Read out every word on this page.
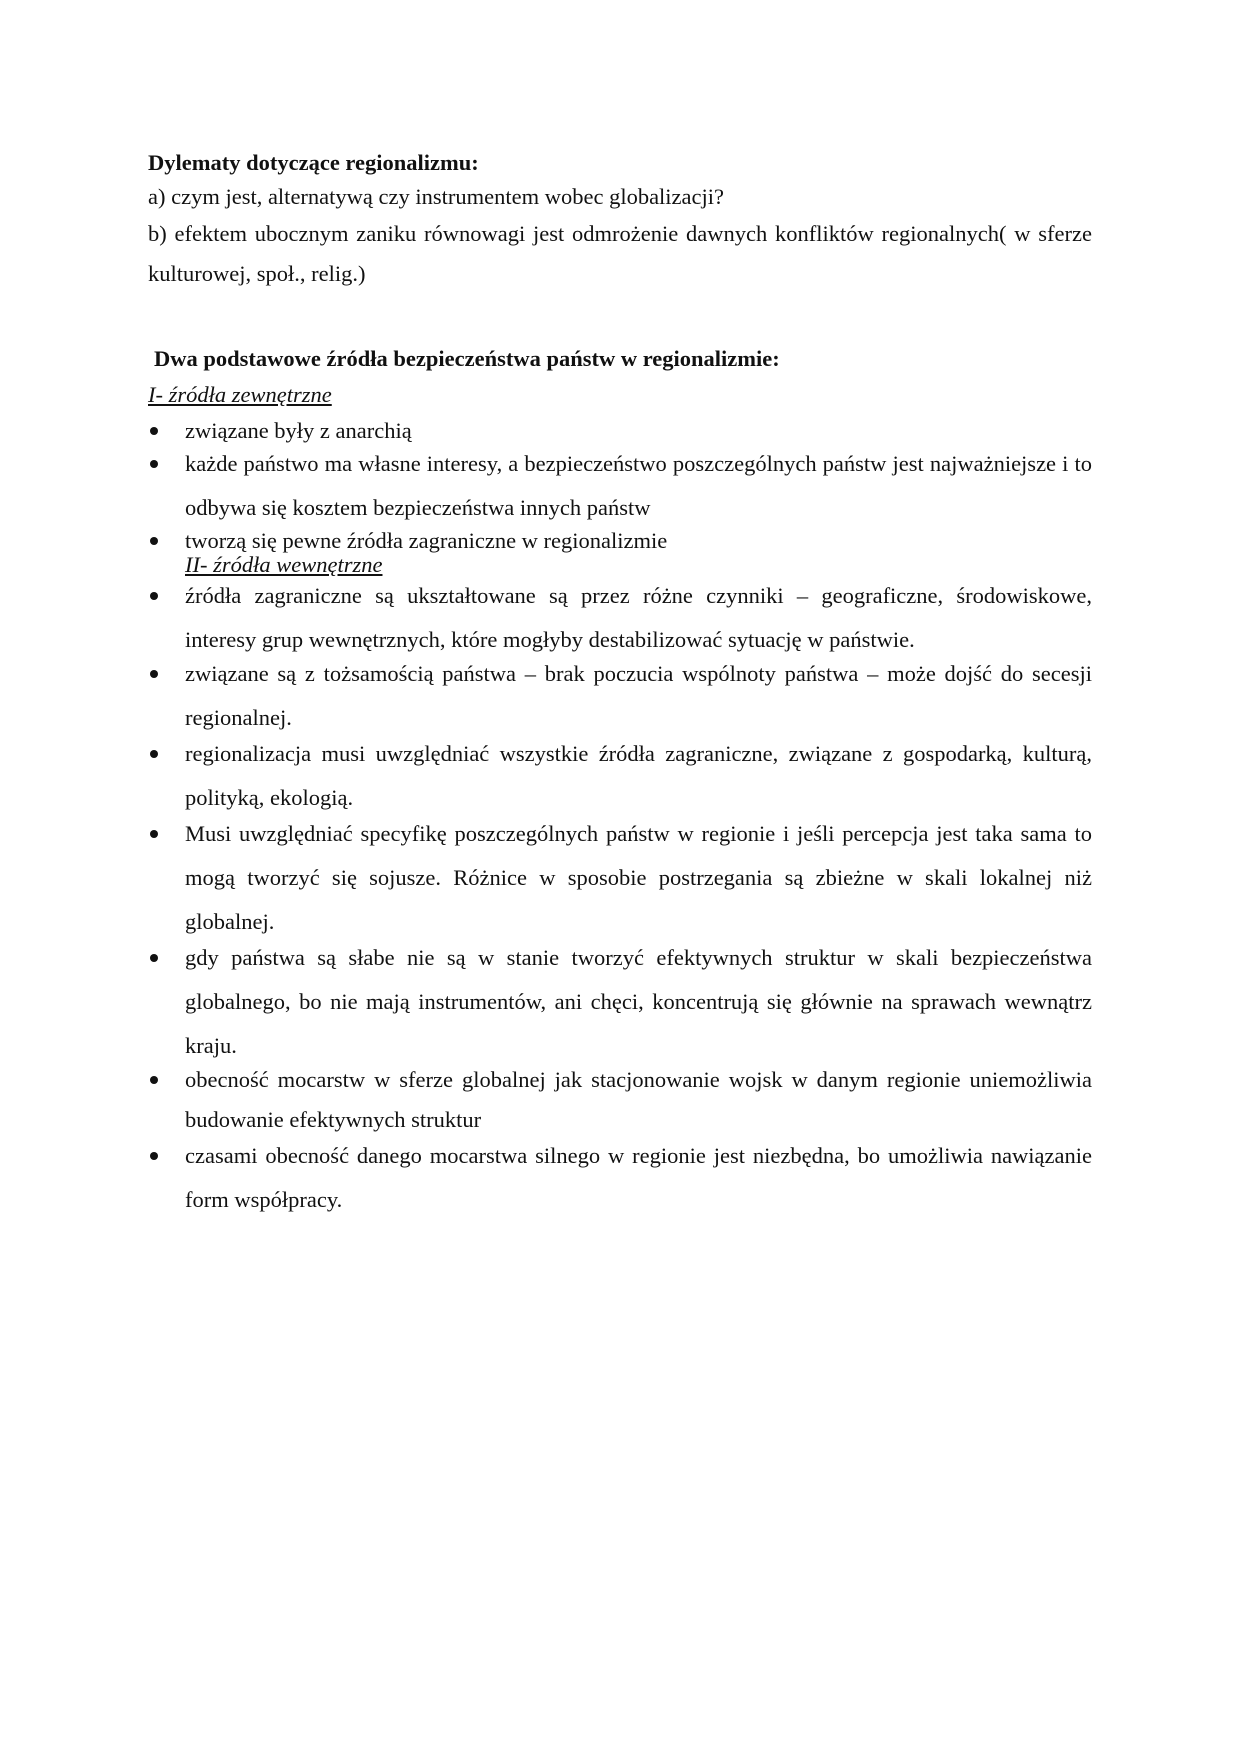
Dylematy dotyczące regionalizmu:

a) czym jest, alternatywą czy instrumentem wobec globalizacji?

b) efektem ubocznym zaniku równowagi jest odmrożenie dawnych konfliktów regionalnych( w sferze kulturowej, społ., relig.)

Dwa podstawowe źródła bezpieczeństwa państw w regionalizmie:

I- źródła zewnętrzne

związane były z anarchią
każde państwo ma własne interesy, a bezpieczeństwo poszczególnych państw jest najważniejsze i to odbywa się kosztem bezpieczeństwa innych państw
tworzą się pewne źródła zagraniczne w regionalizmie

II- źródła wewnętrzne

źródła zagraniczne są ukształtowane są przez różne czynniki – geograficzne, środowiskowe, interesy grup wewnętrznych, które mogłyby destabilizować sytuację w państwie.
związane są z tożsamością państwa – brak poczucia wspólnoty państwa – może dojść do secesji regionalnej.
regionalizacja musi uwzględniać wszystkie źródła zagraniczne, związane z gospodarką, kulturą, polityką, ekologią.
Musi uwzględniać specyfikę poszczególnych państw w regionie i jeśli percepcja jest taka sama to mogą tworzyć się sojusze. Różnice w sposobie postrzegania są zbieżne w skali lokalnej niż globalnej.
gdy państwa są słabe nie są w stanie tworzyć efektywnych struktur w skali bezpieczeństwa globalnego, bo nie mają instrumentów, ani chęci, koncentrują się głównie na sprawach wewnątrz kraju.
obecność mocarstw w sferze globalnej jak stacjonowanie wojsk w danym regionie uniemożliwia budowanie efektywnych struktur
czasami obecność danego mocarstwa silnego w regionie jest niezbędna, bo umożliwia nawiązanie form współpracy.
